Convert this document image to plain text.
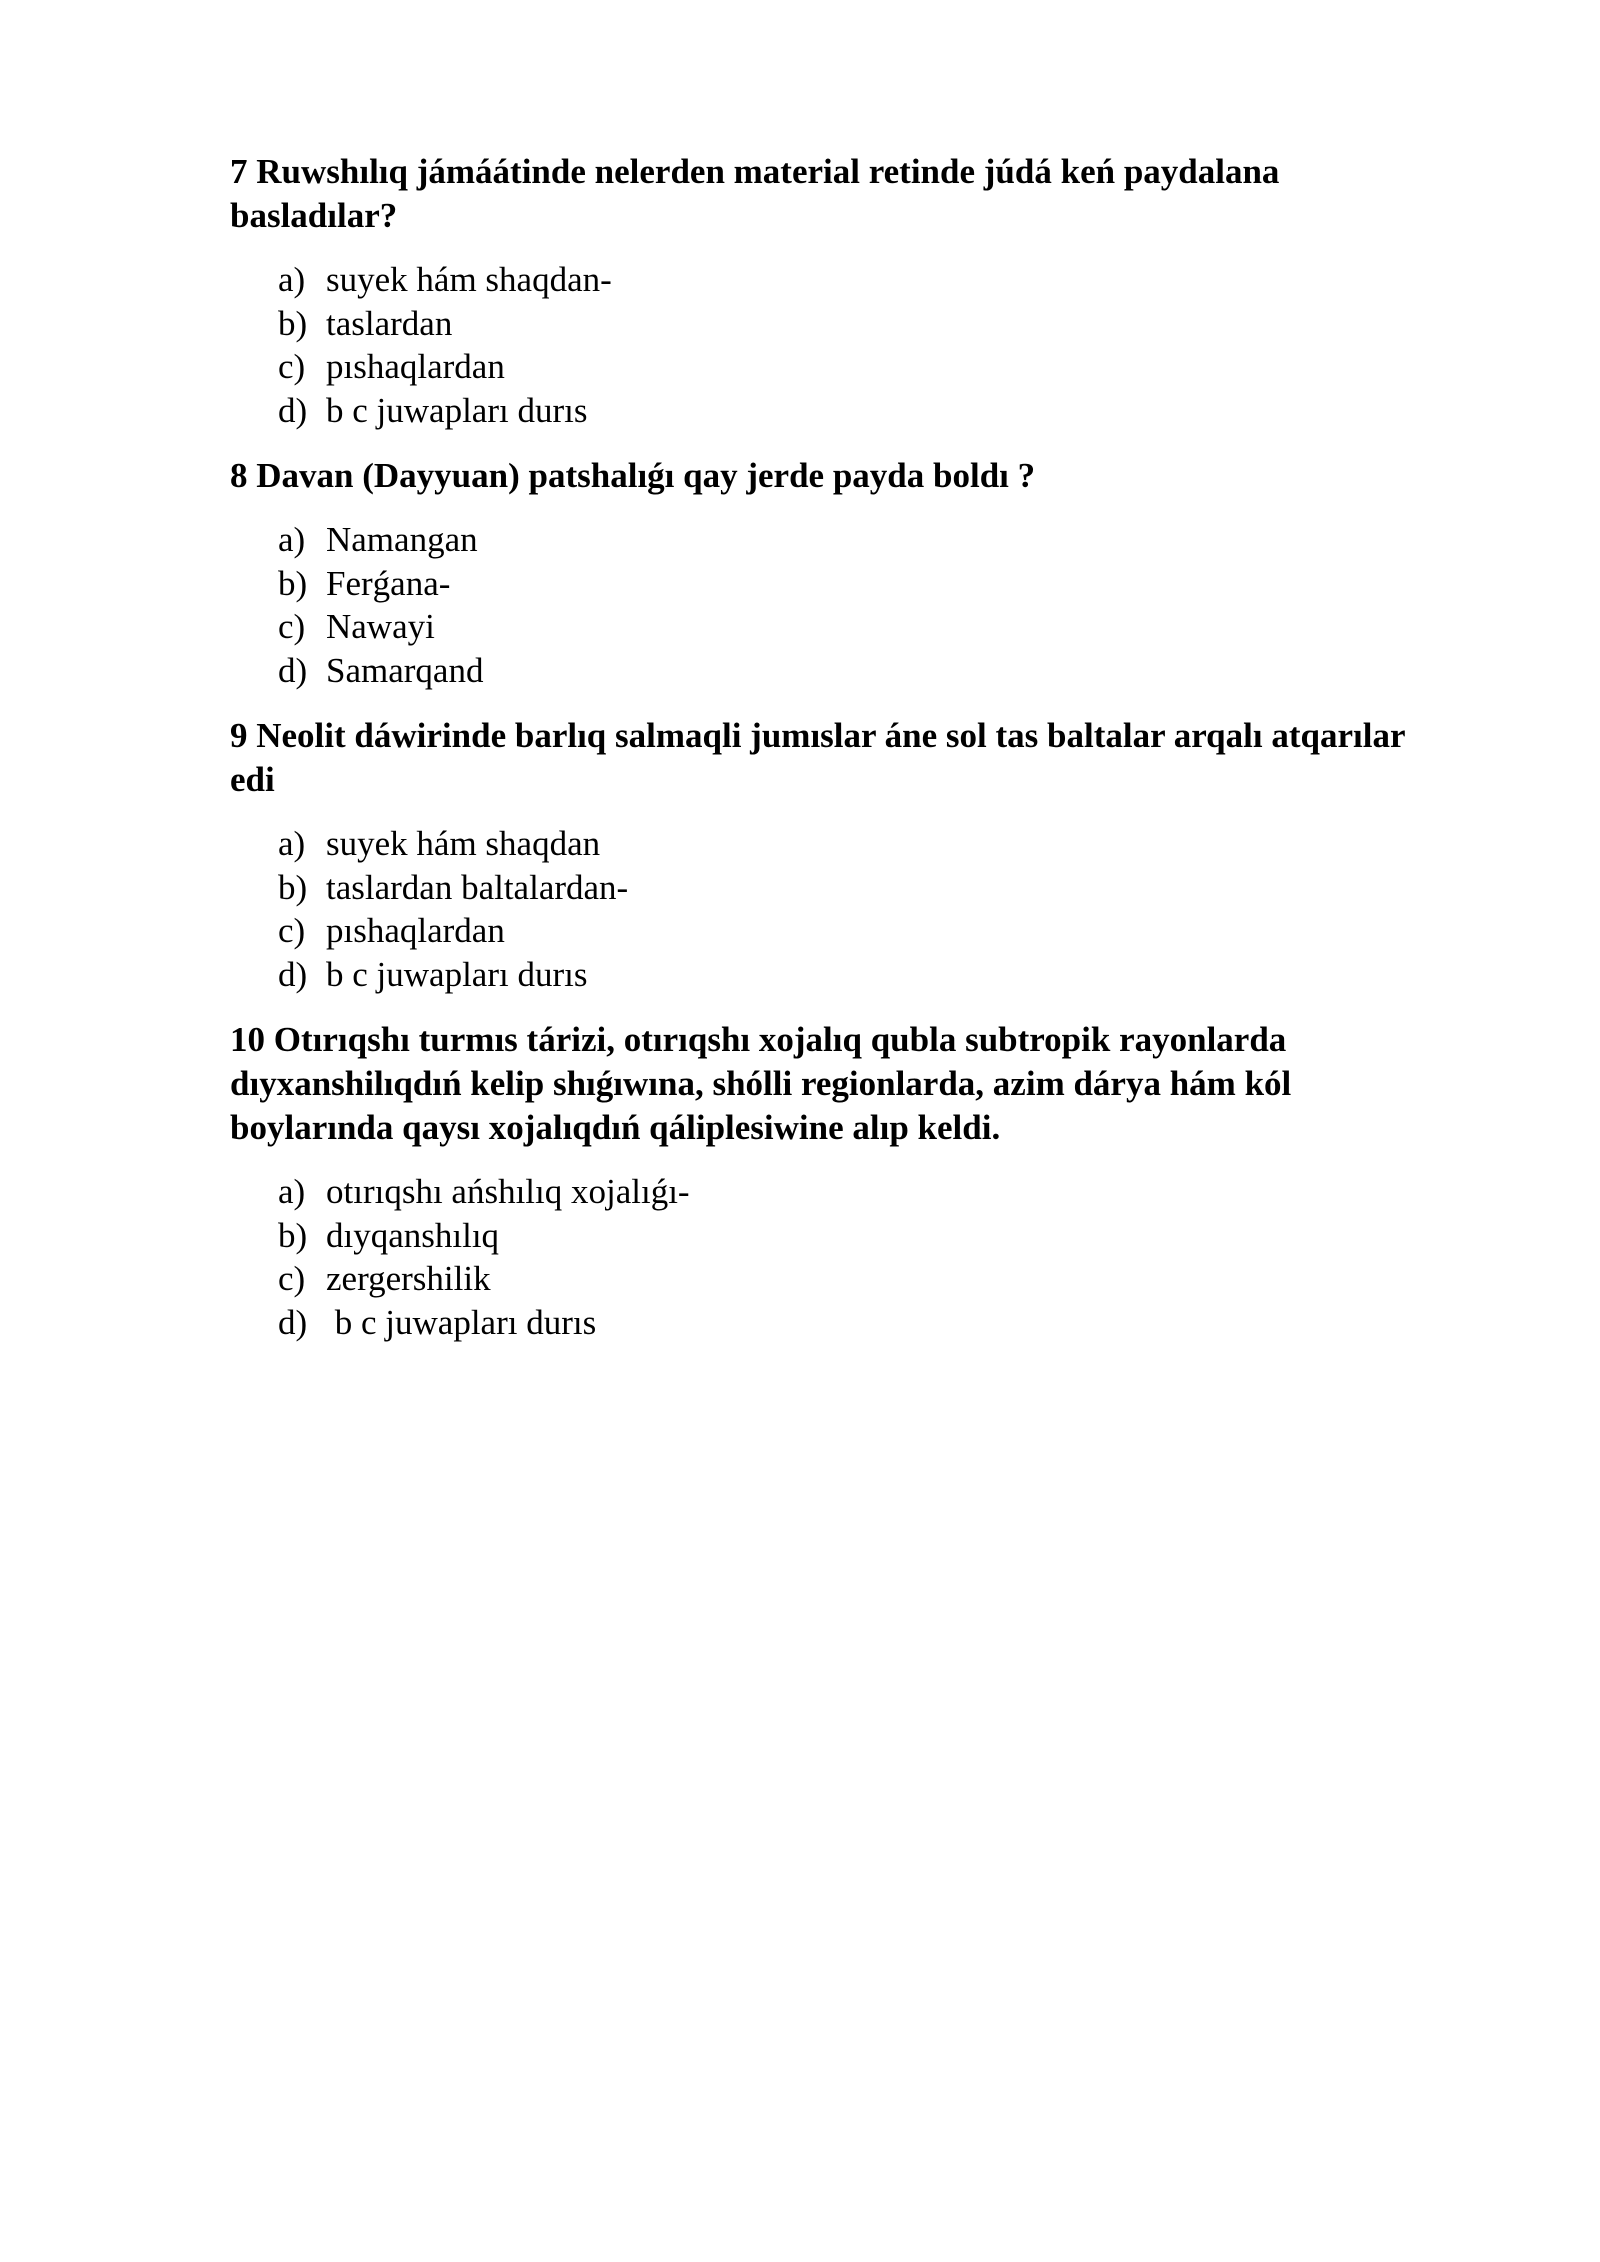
7 Ruwshılıq jámáátinde nelerden material retinde júdá keń paydalana basladılar?

a) suyek hám shaqdan-
b) taslardan
c) pıshaqlardan
d) b c juwapları durıs

8 Davan (Dayyuan) patshalıǵı qay jerde payda boldı ?

a) Namangan
b) Ferǵana-
c) Nawayi
d) Samarqand

9 Neolit dáwirinde barlıq salmaqli jumıslar áne sol tas baltalar arqalı atqarılar edi

a) suyek hám shaqdan
b) taslardan baltalardan-
c) pıshaqlardan
d) b c juwapları durıs

10 Otırıqshı turmıs tárizi, otırıqshı xojalıq qubla subtropik rayonlarda dıyxanshilıqdıń kelip shıǵıwına, shólli regionlarda, azim dárya hám kól boylarında qaysı xojalıqdıń qáliplesiwine alıp keldi.

a) otırıqshı ańshılıq xojalıǵı-
b) dıyqanshılıq
c) zergershilik
d) b c juwapları durıs
